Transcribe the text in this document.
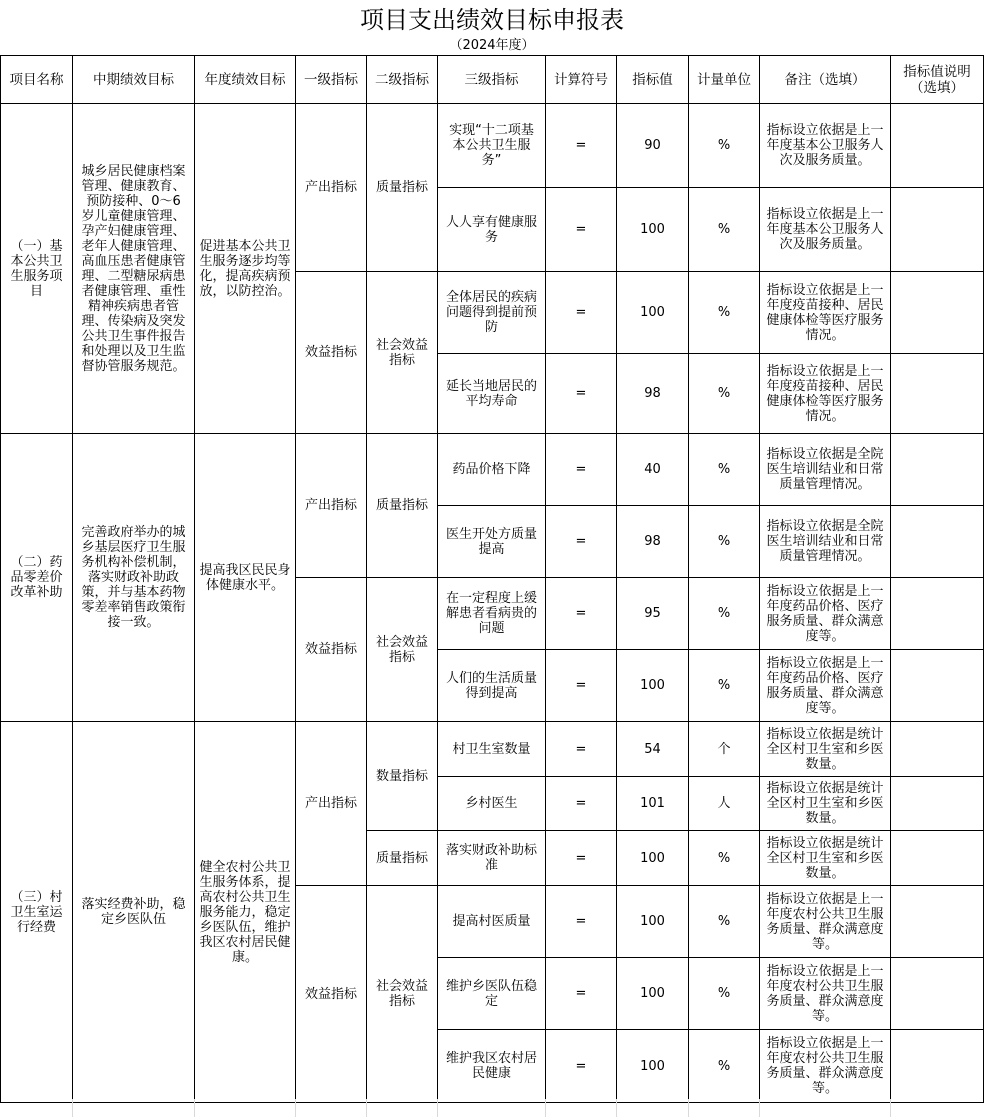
项目支出绩效目标申报表
（2024年度）
项目名称	中期绩效目标	年度绩效目标	一级指标	二级指标	三级指标	计算符号	指标值	计量单位	备注（选填）	指标值说明（选填）
（一）基本公共卫生服务项目	城乡居民健康档案管理、健康教育、预防接种、0～6岁儿童健康管理、孕产妇健康管理、老年人健康管理、高血压患者健康管理、二型糖尿病患者健康管理、重性精神疾病患者管理、传染病及突发公共卫生事件报告和处理以及卫生监督协管服务规范。	促进基本公共卫生服务逐步均等化，提高疾病预放，以防控治。	产出指标	质量指标	实现“十二项基本公共卫生服务”	=	90	%	指标设立依据是上一年度基本公卫服务人次及服务质量。	
					人人享有健康服务	=	100	%	指标设立依据是上一年度基本公卫服务人次及服务质量。	
			效益指标	社会效益指标	全体居民的疾病问题得到提前预防	=	100	%	指标设立依据是上一年度疫苗接种、居民健康体检等医疗服务情况。	
					延长当地居民的平均寿命	=	98	%	指标设立依据是上一年度疫苗接种、居民健康体检等医疗服务情况。	
（二）药品零差价改革补助	完善政府举办的城乡基层医疗卫生服务机构补偿机制，落实财政补助政策，并与基本药物零差率销售政策衔接一致。	提高我区民民身体健康水平。	产出指标	质量指标	药品价格下降	=	40	%	指标设立依据是全院医生培训结业和日常质量管理情况。	
					医生开处方质量提高	=	98	%	指标设立依据是全院医生培训结业和日常质量管理情况。	
			效益指标	社会效益指标	在一定程度上缓解患者看病贵的问题	=	95	%	指标设立依据是上一年度药品价格、医疗服务质量、群众满意度等。	
					人们的生活质量得到提高	=	100	%	指标设立依据是上一年度药品价格、医疗服务质量、群众满意度等。	
（三）村卫生室运行经费	落实经费补助，稳定乡医队伍	健全农村公共卫生服务体系，提高农村公共卫生服务能力，稳定乡医队伍，维护我区农村居民健康。	产出指标	数量指标	村卫生室数量	=	54	个	指标设立依据是统计全区村卫生室和乡医数量。	
					乡村医生	=	101	人	指标设立依据是统计全区村卫生室和乡医数量。	
				质量指标	落实财政补助标准	=	100	%	指标设立依据是统计全区村卫生室和乡医数量。	
			效益指标	社会效益指标	提高村医质量	=	100	%	指标设立依据是上一年度农村公共卫生服务质量、群众满意度等。	
					维护乡医队伍稳定	=	100	%	指标设立依据是上一年度农村公共卫生服务质量、群众满意度等。	
					维护我区农村居民健康	=	100	%	指标设立依据是上一年度农村公共卫生服务质量、群众满意度等。	
